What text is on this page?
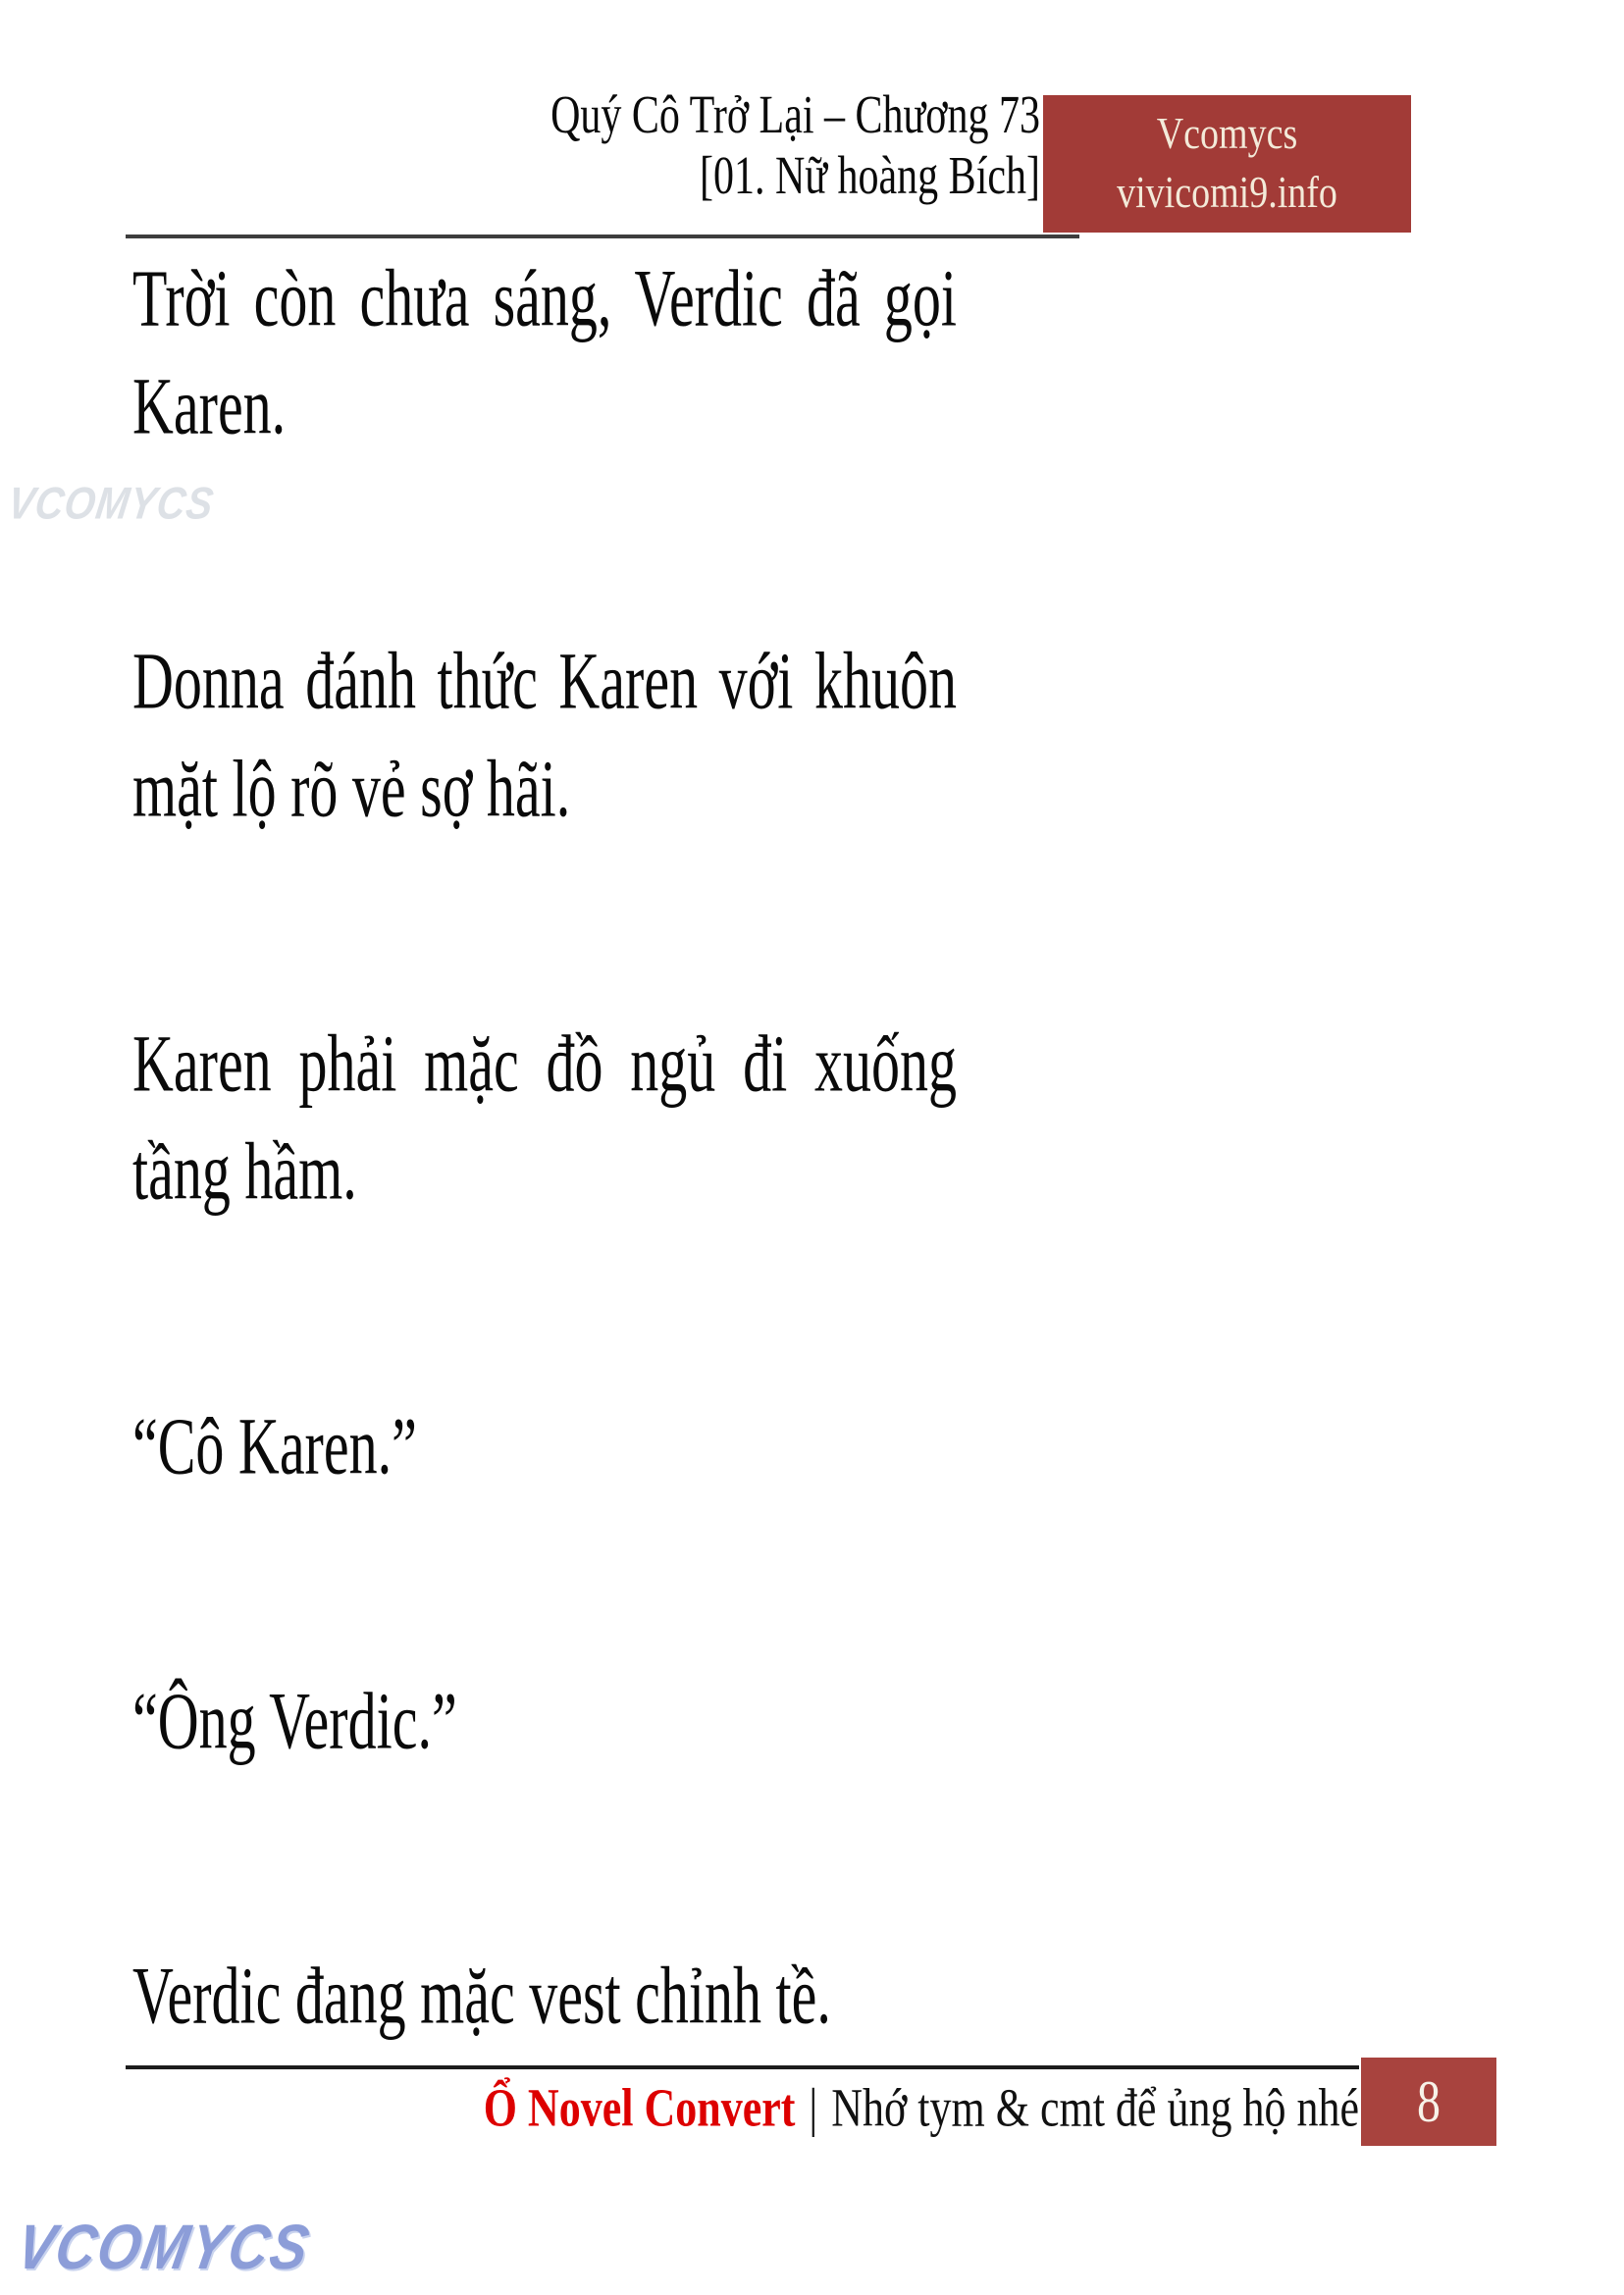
Quý Cô Trở Lại – Chương 73
[01. Nữ hoàng Bích]
Vcomycs
vivicomi9.info
VCOMYCS
Trời còn chưa sáng, Verdic đã gọi
Karen.
Donna đánh thức Karen với khuôn
mặt lộ rõ vẻ sợ hãi.
Karen phải mặc đồ ngủ đi xuống
tầng hầm.
“Cô Karen.”
“Ông Verdic.”
Verdic đang mặc vest chỉnh tề.
Ổ Novel Convert | Nhớ tym & cmt để ủng hộ nhé 8
VCOMYCS
